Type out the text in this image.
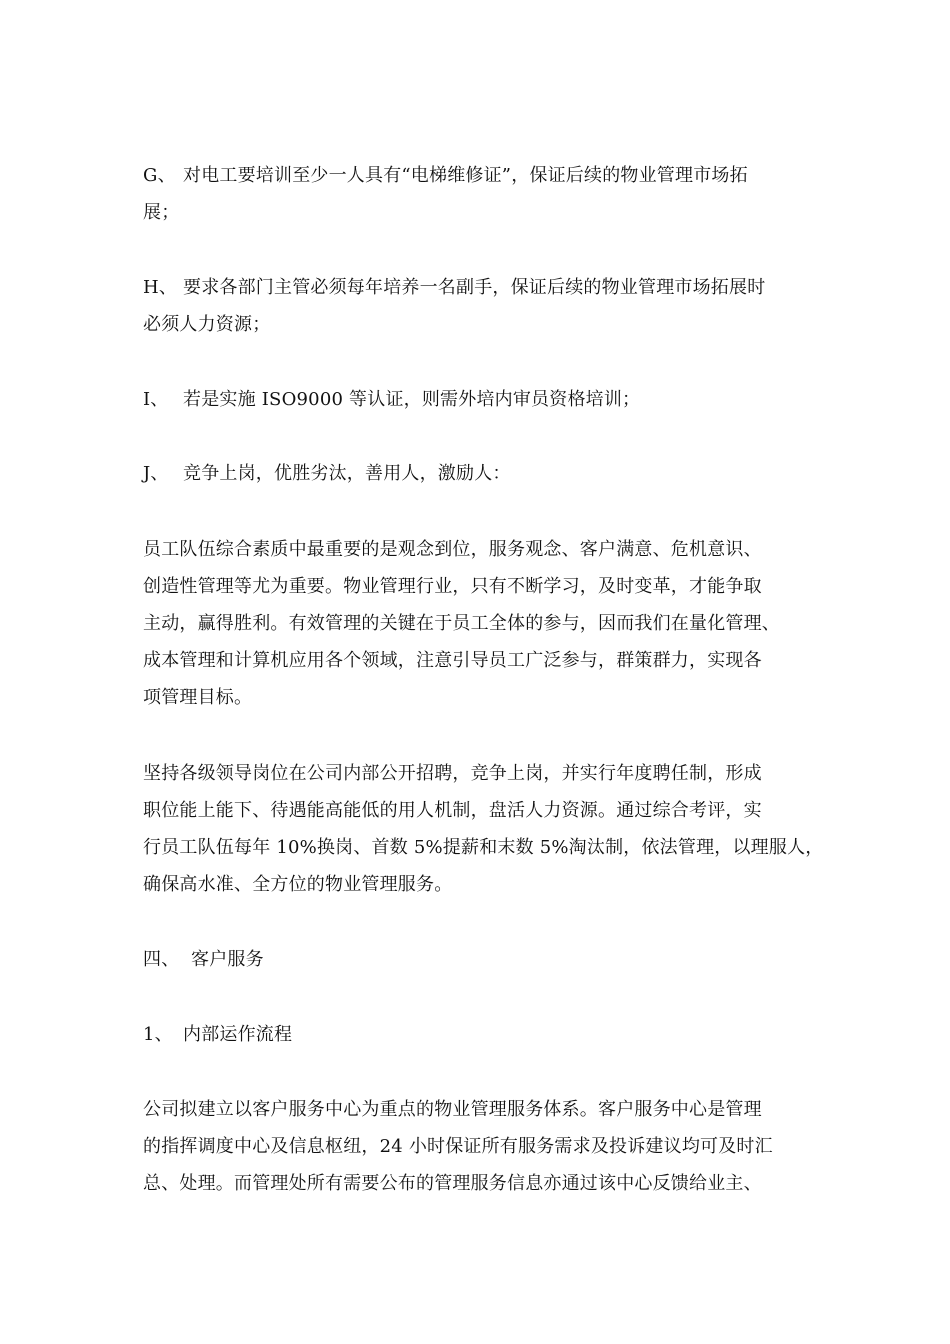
G、 对电工要培训至少一人具有“电梯维修证”，保证后续的物业管理市场拓
展；
H、 要求各部门主管必须每年培养一名副手，保证后续的物业管理市场拓展时
必须人力资源；
I、 若是实施 ISO9000 等认证，则需外培内审员资格培训；
J、 竞争上岗，优胜劣汰，善用人，激励人：
员工队伍综合素质中最重要的是观念到位，服务观念、客户满意、危机意识、
创造性管理等尤为重要。物业管理行业，只有不断学习，及时变革，才能争取
主动，赢得胜利。有效管理的关键在于员工全体的参与，因而我们在量化管理、
成本管理和计算机应用各个领域，注意引导员工广泛参与，群策群力，实现各
项管理目标。
坚持各级领导岗位在公司内部公开招聘，竞争上岗，并实行年度聘任制，形成
职位能上能下、待遇能高能低的用人机制，盘活人力资源。通过综合考评，实
行员工队伍每年 10%换岗、首数 5%提薪和末数 5%淘汰制，依法管理，以理服人，
确保高水准、全方位的物业管理服务。
四、 客户服务
1、 内部运作流程
公司拟建立以客户服务中心为重点的物业管理服务体系。客户服务中心是管理
的指挥调度中心及信息枢纽，24 小时保证所有服务需求及投诉建议均可及时汇
总、处理。而管理处所有需要公布的管理服务信息亦通过该中心反馈给业主、
